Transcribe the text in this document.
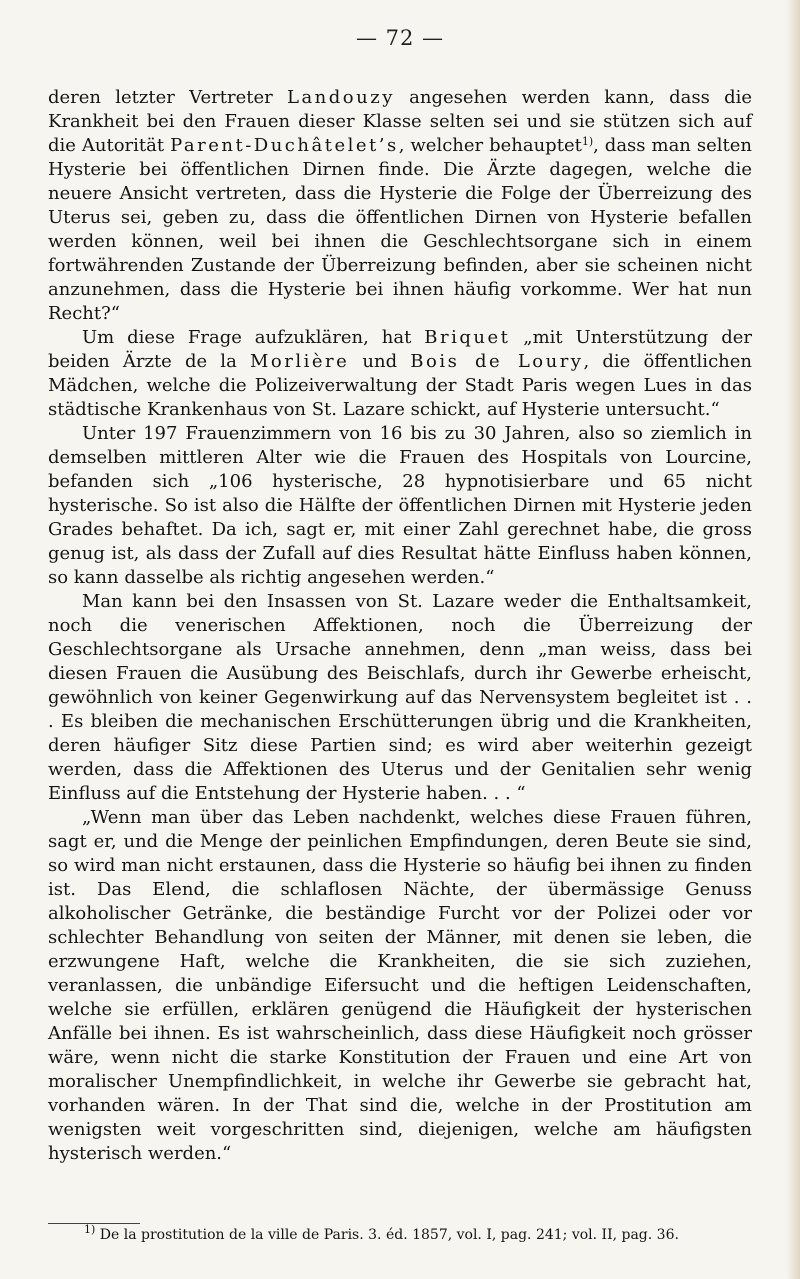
— 72 —

deren letzter Vertreter Landouzy angesehen werden kann, dass die Krankheit bei den Frauen dieser Klasse selten sei und sie stützen sich auf die Autorität Parent-Duchâtelet’s, welcher behauptet$^{1)}$, dass man selten Hysterie bei öffentlichen Dirnen finde. Die Ärzte dagegen, welche die neuere Ansicht vertreten, dass die Hysterie die Folge der Überreizung des Uterus sei, geben zu, dass die öffentlichen Dirnen von Hysterie befallen werden können, weil bei ihnen die Geschlechtsorgane sich in einem fortwährenden Zustande der Überreizung befinden, aber sie scheinen nicht anzunehmen, dass die Hysterie bei ihnen häufig vorkomme. Wer hat nun Recht?“

Um diese Frage aufzuklären, hat Briquet „mit Unterstützung der beiden Ärzte de la Morlière und Bois de Loury, die öffentlichen Mädchen, welche die Polizeiverwaltung der Stadt Paris wegen Lues in das städtische Krankenhaus von St. Lazare schickt, auf Hysterie untersucht.“

Unter 197 Frauenzimmern von 16 bis zu 30 Jahren, also so ziemlich in demselben mittleren Alter wie die Frauen des Hospitals von Lourcine, befanden sich „106 hysterische, 28 hypnotisierbare und 65 nicht hysterische. So ist also die Hälfte der öffentlichen Dirnen mit Hysterie jeden Grades behaftet. Da ich, sagt er, mit einer Zahl gerechnet habe, die gross genug ist, als dass der Zufall auf dies Resultat hätte Einfluss haben können, so kann dasselbe als richtig angesehen werden.“

Man kann bei den Insassen von St. Lazare weder die Enthaltsamkeit, noch die venerischen Affektionen, noch die Überreizung der Geschlechtsorgane als Ursache annehmen, denn „man weiss, dass bei diesen Frauen die Ausübung des Beischlafs, durch ihr Gewerbe erheischt, gewöhnlich von keiner Gegenwirkung auf das Nervensystem begleitet ist . . . Es bleiben die mechanischen Erschütterungen übrig und die Krankheiten, deren häufiger Sitz diese Partien sind; es wird aber weiterhin gezeigt werden, dass die Affektionen des Uterus und der Genitalien sehr wenig Einfluss auf die Entstehung der Hysterie haben. . . “

„Wenn man über das Leben nachdenkt, welches diese Frauen führen, sagt er, und die Menge der peinlichen Empfindungen, deren Beute sie sind, so wird man nicht erstaunen, dass die Hysterie so häufig bei ihnen zu finden ist. Das Elend, die schlaflosen Nächte, der übermässige Genuss alkoholischer Getränke, die beständige Furcht vor der Polizei oder vor schlechter Behandlung von seiten der Männer, mit denen sie leben, die erzwungene Haft, welche die Krankheiten, die sie sich zuziehen, veranlassen, die unbändige Eifersucht und die heftigen Leidenschaften, welche sie erfüllen, erklären genügend die Häufigkeit der hysterischen Anfälle bei ihnen. Es ist wahrscheinlich, dass diese Häufigkeit noch grösser wäre, wenn nicht die starke Konstitution der Frauen und eine Art von moralischer Unempfindlichkeit, in welche ihr Gewerbe sie gebracht hat, vorhanden wären. In der That sind die, welche in der Prostitution am wenigsten weit vorgeschritten sind, diejenigen, welche am häufigsten hysterisch werden.“

$^{1)}$ De la prostitution de la ville de Paris. 3. éd. 1857, vol. I, pag. 241; vol. II, pag. 36.
